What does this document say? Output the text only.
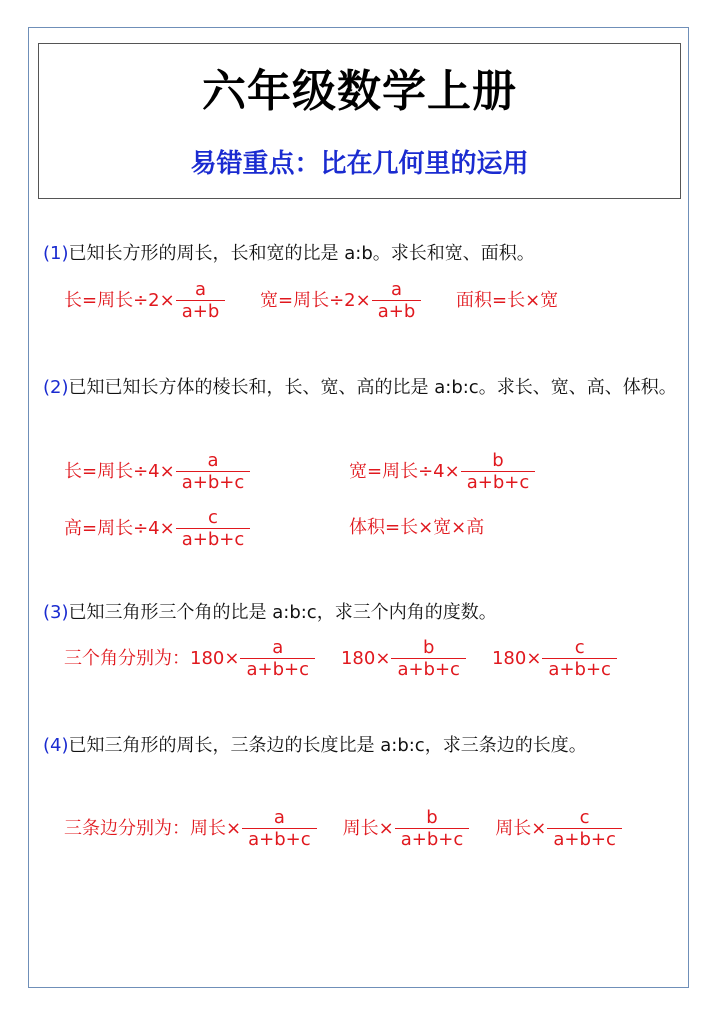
六年级数学上册
易错重点：比在几何里的运用
(1)已知长方形的周长，长和宽的比是 a:b。求长和宽、面积。
长=周长$\div 2\times \frac{a}{a+b}$ 宽=周长$\div 2\times \frac{a}{a+b}$ 面积=长×宽
(2)已知已知长方体的棱长和，长、宽、高的比是 a:b:c。求长、宽、高、体积。
长=周长$\div 4\times \frac{a}{a+b+c}$	宽=周长$\div 4\times \frac{b}{a+b+c}$
高=周长$\div 4\times \frac{c}{a+b+c}$	体积=长×宽×高
(3)已知三角形三个角的比是 a:b:c，求三个内角的度数。
三个角分别为： $180\times \frac{a}{a+b+c} 180\times \frac{b}{a+b+c} 180\times \frac{c}{a+b+c}$
(4)已知三角形的周长，三条边的长度比是 a:b:c，求三条边的长度。
三条边分别为： 周长× $\frac{a}{a+b+c}$ 周长× $\frac{b}{a+b+c}$ 周长× $\frac{c}{a+b+c}$
